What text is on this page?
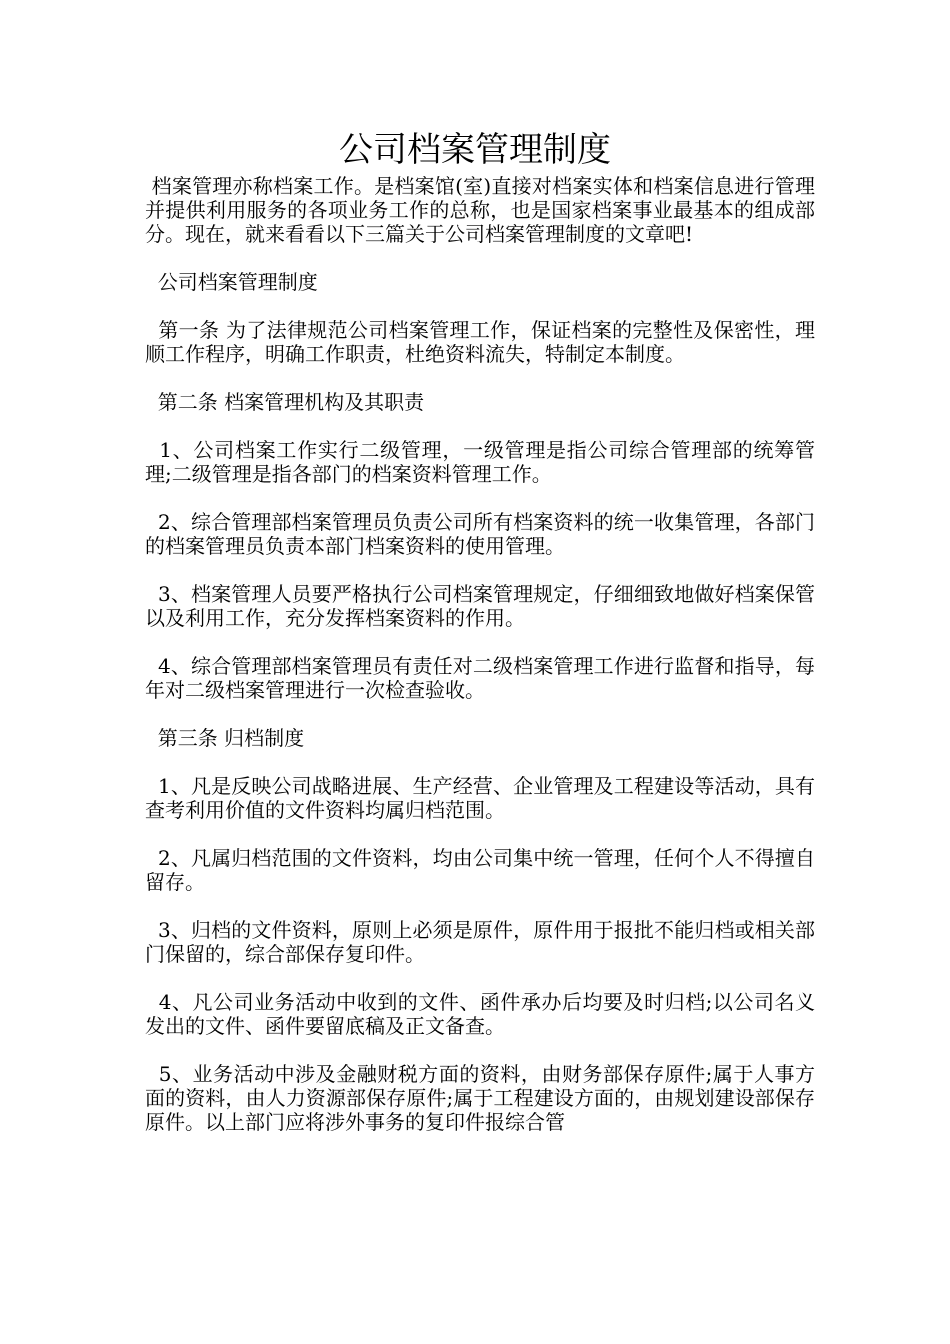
公司档案管理制度

档案管理亦称档案工作。是档案馆(室)直接对档案实体和档案信息进行管理并提供利用服务的各项业务工作的总称，也是国家档案事业最基本的组成部分。现在，就来看看以下三篇关于公司档案管理制度的文章吧!

公司档案管理制度

第一条 为了法律规范公司档案管理工作，保证档案的完整性及保密性，理顺工作程序，明确工作职责，杜绝资料流失，特制定本制度。

第二条 档案管理机构及其职责

1、公司档案工作实行二级管理，一级管理是指公司综合管理部的统筹管理;二级管理是指各部门的档案资料管理工作。

2、综合管理部档案管理员负责公司所有档案资料的统一收集管理，各部门的档案管理员负责本部门档案资料的使用管理。

3、档案管理人员要严格执行公司档案管理规定，仔细细致地做好档案保管以及利用工作，充分发挥档案资料的作用。

4、综合管理部档案管理员有责任对二级档案管理工作进行监督和指导，每年对二级档案管理进行一次检查验收。

第三条 归档制度

1、凡是反映公司战略进展、生产经营、企业管理及工程建设等活动，具有查考利用价值的文件资料均属归档范围。

2、凡属归档范围的文件资料，均由公司集中统一管理，任何个人不得擅自留存。

3、归档的文件资料，原则上必须是原件，原件用于报批不能归档或相关部门保留的，综合部保存复印件。

4、凡公司业务活动中收到的文件、函件承办后均要及时归档;以公司名义发出的文件、函件要留底稿及正文备查。

5、业务活动中涉及金融财税方面的资料，由财务部保存原件;属于人事方面的资料，由人力资源部保存原件;属于工程建设方面的，由规划建设部保存原件。以上部门应将涉外事务的复印件报综合管
